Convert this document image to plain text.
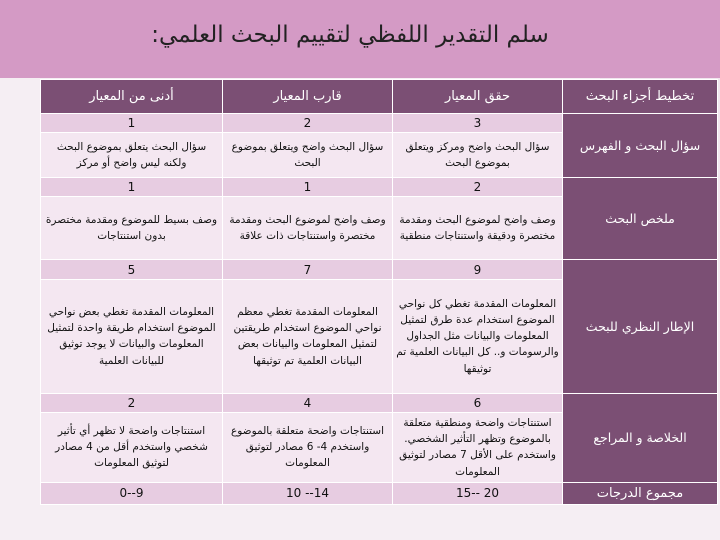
سلم التقدير اللفظي لتقييم البحث العلمي:
تخطيط أجزاء البحث	حقق المعيار	قارب المعيار	أدنى من المعيار
سؤال البحث و الفهرس	3	2	1
	سؤال البحث واضح ومركز ويتعلق بموضوع البحث	سؤال البحث واضح ويتعلق بموضوع البحث	سؤال البحث يتعلق بموضوع البحث ولكنه ليس واضح أو مركز
ملخص البحث	2	1	1
	وصف واضح لموضوع البحث ومقدمة مختصرة ودقيقة واستنتاجات منطقية	وصف واضح لموضوع البحث ومقدمة مختصرة واستنتاجات ذات علاقة	وصف بسيط للموضوع ومقدمة مختصرة بدون استنتاجات
الإطار النظري للبحث	9	7	5
	المعلومات المقدمة تغطي كل نواحي الموضوع استخدام عدة طرق لتمثيل المعلومات والبيانات مثل الجداول والرسومات و.. كل البيانات العلمية تم توثيقها	المعلومات المقدمة تغطي معظم نواحي الموضوع استخدام طريقتين لتمثيل المعلومات والبيانات بعض البيانات العلمية تم توثيقها	المعلومات المقدمة تغطي بعض نواحي الموضوع استخدام طريقة واحدة لتمثيل المعلومات والبيانات لا يوجد توثيق للبيانات العلمية
الخلاصة و المراجع	6	4	2
	استنتاجات واضحة ومنطقية متعلقة بالموضوع وتظهر التأثير الشخصي. واستخدم على الأقل 7 مصادر لتوثيق المعلومات	استنتاجات واضحة متعلقة بالموضوع واستخدم 4- 6 مصادر لتوثيق المعلومات	استنتاجات واضحة لا تظهر أي تأثير شخصي واستخدم أقل من 4 مصادر لتوثيق المعلومات
مجموع الدرجات	20 --15	14-- 10	9--0
